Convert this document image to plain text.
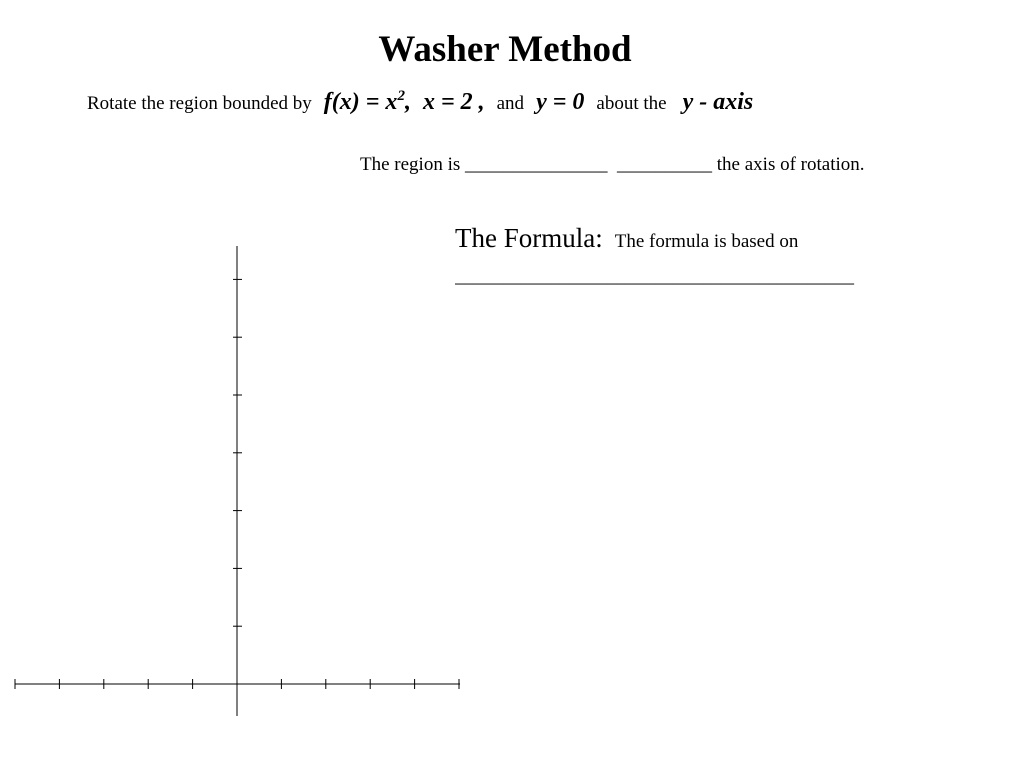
Washer Method
Rotate the region bounded by $f(x) = x^2$, x = 2 , and y = 0 about the y - axis
The region is _______________ __________ the axis of rotation.
The Formula: The formula is based on
__________________________________________
